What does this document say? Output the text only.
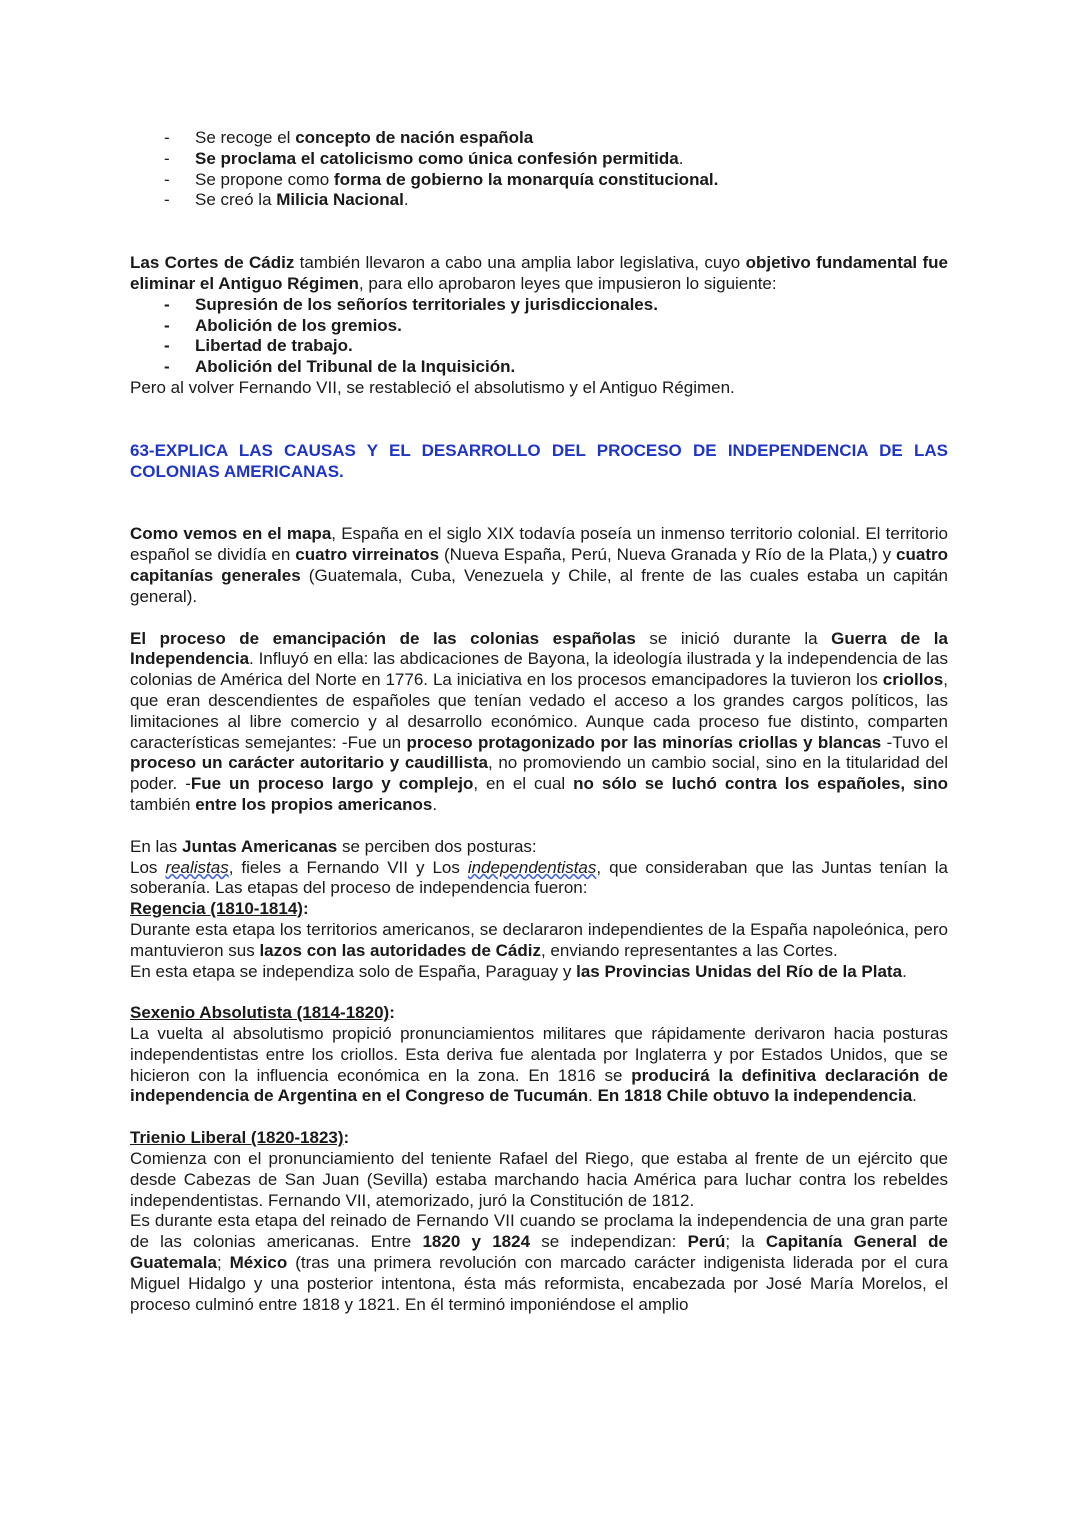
- Se recoge el concepto de nación española
- Se proclama el catolicismo como única confesión permitida.
- Se propone como forma de gobierno la monarquía constitucional.
- Se creó la Milicia Nacional.

Las Cortes de Cádiz también llevaron a cabo una amplia labor legislativa, cuyo objetivo fundamental fue eliminar el Antiguo Régimen, para ello aprobaron leyes que impusieron lo siguiente:

- Supresión de los señoríos territoriales y jurisdiccionales.
- Abolición de los gremios.
- Libertad de trabajo.
- Abolición del Tribunal de la Inquisición.

Pero al volver Fernando VII, se restableció el absolutismo y el Antiguo Régimen.

63-EXPLICA LAS CAUSAS Y EL DESARROLLO DEL PROCESO DE INDEPENDENCIA DE LAS COLONIAS AMERICANAS.

Como vemos en el mapa, España en el siglo XIX todavía poseía un inmenso territorio colonial. El territorio español se dividía en cuatro virreinatos (Nueva España, Perú, Nueva Granada y Río de la Plata,) y cuatro capitanías generales (Guatemala, Cuba, Venezuela y Chile, al frente de las cuales estaba un capitán general).

El proceso de emancipación de las colonias españolas se inició durante la Guerra de la Independencia. Influyó en ella: las abdicaciones de Bayona, la ideología ilustrada y la independencia de las colonias de América del Norte en 1776. La iniciativa en los procesos emancipadores la tuvieron los criollos, que eran descendientes de españoles que tenían vedado el acceso a los grandes cargos políticos, las limitaciones al libre comercio y al desarrollo económico. Aunque cada proceso fue distinto, comparten características semejantes: -Fue un proceso protagonizado por las minorías criollas y blancas -Tuvo el proceso un carácter autoritario y caudillista, no promoviendo un cambio social, sino en la titularidad del poder. -Fue un proceso largo y complejo, en el cual no sólo se luchó contra los españoles, sino también entre los propios americanos.

En las Juntas Americanas se perciben dos posturas:

Los realistas, fieles a Fernando VII y Los independentistas, que consideraban que las Juntas tenían la soberanía. Las etapas del proceso de independencia fueron:

Regencia (1810-1814):

Durante esta etapa los territorios americanos, se declararon independientes de la España napoleónica, pero mantuvieron sus lazos con las autoridades de Cádiz, enviando representantes a las Cortes.

En esta etapa se independiza solo de España, Paraguay y las Provincias Unidas del Río de la Plata.

Sexenio Absolutista (1814-1820):

La vuelta al absolutismo propició pronunciamientos militares que rápidamente derivaron hacia posturas independentistas entre los criollos. Esta deriva fue alentada por Inglaterra y por Estados Unidos, que se hicieron con la influencia económica en la zona. En 1816 se producirá la definitiva declaración de independencia de Argentina en el Congreso de Tucumán. En 1818 Chile obtuvo la independencia.

Trienio Liberal (1820-1823):

Comienza con el pronunciamiento del teniente Rafael del Riego, que estaba al frente de un ejército que desde Cabezas de San Juan (Sevilla) estaba marchando hacia América para luchar contra los rebeldes independentistas. Fernando VII, atemorizado, juró la Constitución de 1812.

Es durante esta etapa del reinado de Fernando VII cuando se proclama la independencia de una gran parte de las colonias americanas. Entre 1820 y 1824 se independizan: Perú; la Capitanía General de Guatemala; México (tras una primera revolución con marcado carácter indigenista liderada por el cura Miguel Hidalgo y una posterior intentona, ésta más reformista, encabezada por José María Morelos, el proceso culminó entre 1818 y 1821. En él terminó imponiéndose el amplio
